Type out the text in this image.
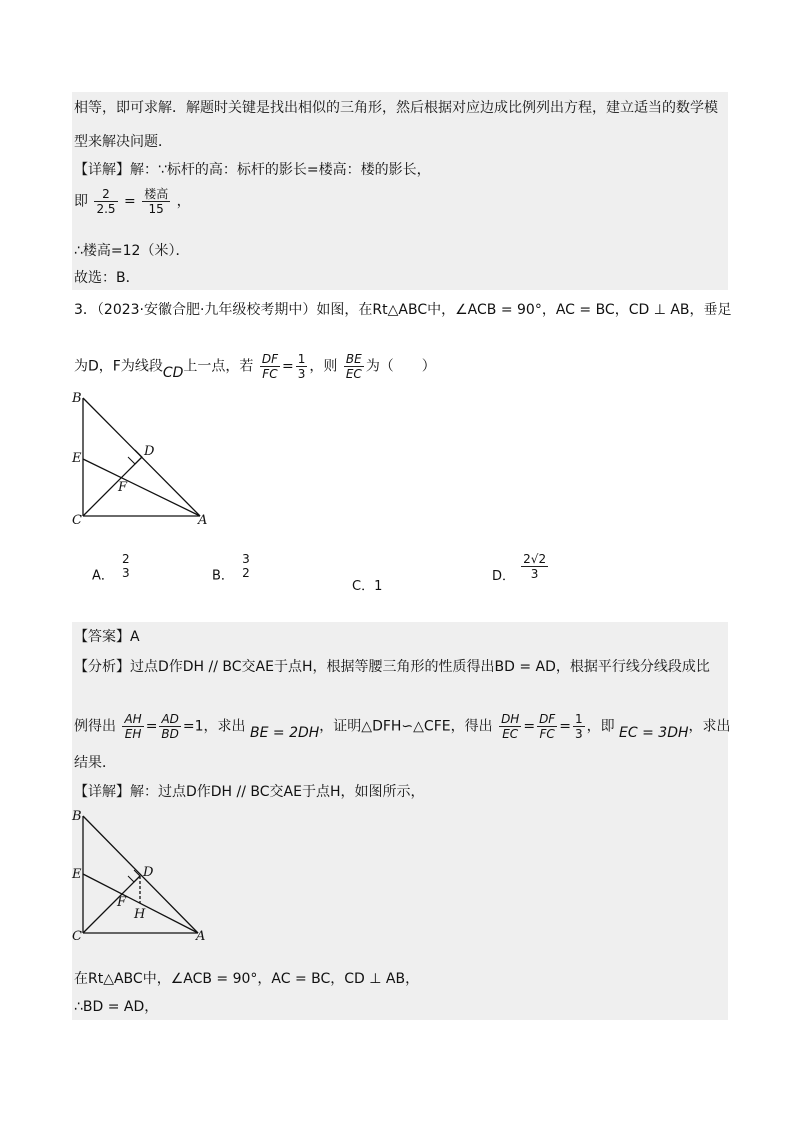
相等，即可求解．解题时关键是找出相似的三角形，然后根据对应边成比例列出方程，建立适当的数学模
型来解决问题．
【详解】解：∵标杆的高：标杆的影长=楼高：楼的影长，
即 $\frac{2}{2.5} = \frac{\text{楼高}}{15}$ ，
∴楼高=12（米）．
故选：B．
3．（2023·安徽合肥·九年级校考期中）如图，在Rt△ABC中，∠ACB = 90°，AC = BC，CD ⊥ AB，垂足
为D，F为线段CD上一点，若 $\frac{DF}{FC} = \frac{1}{3}$ ，则 $\frac{BE}{EC}$ 为（　　）
B
E	D
F
C	A
A．
2
3	B．
3
2
C．1
D． $\frac{2√2}{3}$
【答案】A
【分析】过点D作DH // BC交AE于点H，根据等腰三角形的性质得出BD = AD，根据平行线分线段成比
例得出 $\frac{AH}{EH} = \frac{AD}{BD} =1$，求出 BE = 2DH，证明△DFH∽△CFE，得出 $\frac{DH}{EC} = \frac{DF}{FC} = \frac{1}{3}$ ，即 EC = 3DH，求出
结果．
【详解】解：过点D作DH // BC交AE于点H，如图所示，
B
E	D
F
H
C	A
在Rt△ABC中，∠ACB = 90°，AC = BC，CD ⊥ AB，
∴BD = AD，
